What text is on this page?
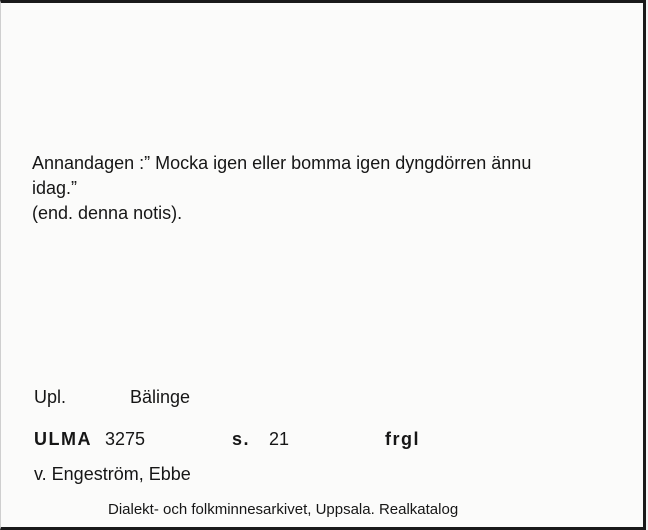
Annandagen :” Mocka igen eller bomma igen dyngdörren ännu
idag.”
(end. denna notis).
Upl.	Bälinge
ULMA 3275	s. 21	frgl
v. Engeström, Ebbe
Dialekt- och folkminnesarkivet, Uppsala. Realkatalog
